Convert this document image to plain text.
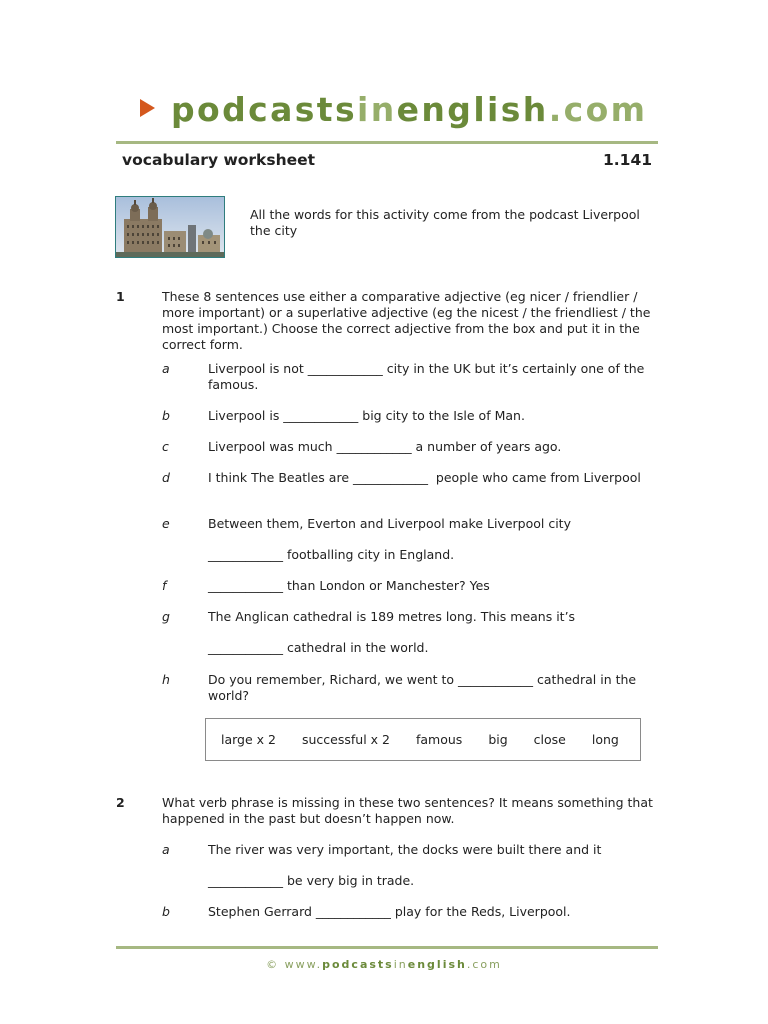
podcastsinenglish.com
vocabulary worksheet	1.141
All the words for this activity come from the podcast Liverpool the city
1	These 8 sentences use either a comparative adjective (eg nicer / friendlier / more important) or a superlative adjective (eg the nicest / the friendliest / the most important.) Choose the correct adjective from the box and put it in the correct form.
a	Liverpool is not ____________ city in the UK but it’s certainly one of the famous.
b	Liverpool is ____________ big city to the Isle of Man.
c	Liverpool was much ____________ a number of years ago.
d	I think The Beatles are ____________  people who came from Liverpool
e	Between them, Everton and Liverpool make Liverpool city
____________ footballing city in England.
f	____________ than London or Manchester? Yes
g	The Anglican cathedral is 189 metres long. This means it’s
____________ cathedral in the world.
h	Do you remember, Richard, we went to ____________ cathedral in the world?
large x 2 successful x 2 famous big close long
2	What verb phrase is missing in these two sentences? It means something that happened in the past but doesn’t happen now.
a	The river was very important, the docks were built there and it
____________ be very big in trade.
b	Stephen Gerrard ____________ play for the Reds, Liverpool.
© www.podcastsinenglish.com
